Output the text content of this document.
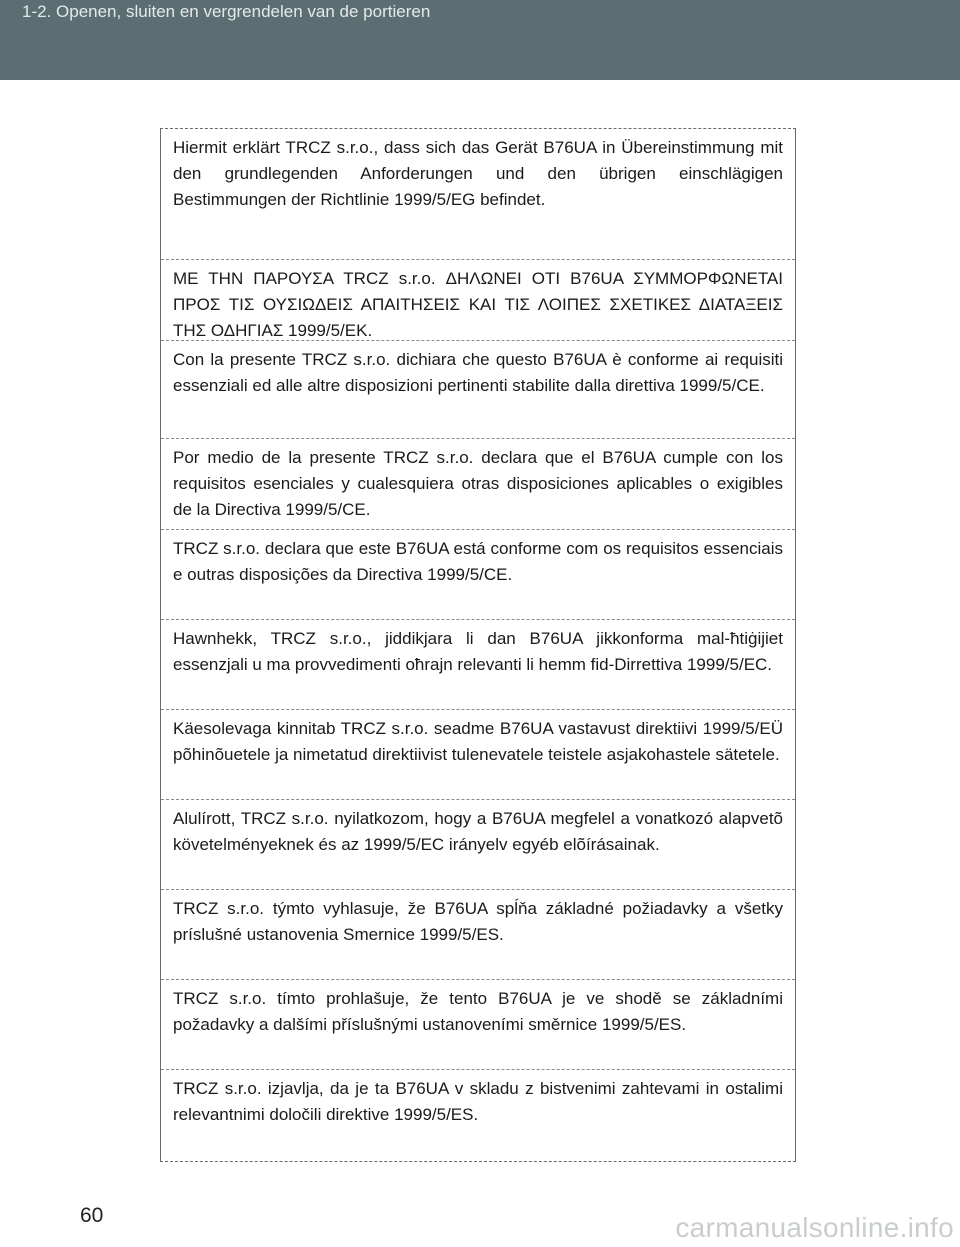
1-2. Openen, sluiten en vergrendelen van de portieren
Hiermit erklärt TRCZ s.r.o., dass sich das Gerät B76UA in Übereinstimmung mit den grundlegenden Anforderungen und den übrigen einschlägigen Bestimmungen der Richtlinie 1999/5/EG befindet.
ΜΕ ΤΗΝ ΠΑΡΟΥΣΑ TRCZ s.r.o. ΔΗΛΩΝΕΙ ΟΤΙ B76UA ΣΥΜΜΟΡΦΩΝΕΤΑΙ ΠΡΟΣ ΤΙΣ ΟΥΣΙΩΔΕΙΣ ΑΠΑΙΤΗΣΕΙΣ ΚΑΙ ΤΙΣ ΛΟΙΠΕΣ ΣΧΕΤΙΚΕΣ ΔΙΑΤΑΞΕΙΣ ΤΗΣ ΟΔΗΓΙΑΣ 1999/5/ΕΚ.
Con la presente TRCZ s.r.o. dichiara che questo B76UA è conforme ai requisiti essenziali ed alle altre disposizioni pertinenti stabilite dalla direttiva 1999/5/CE.
Por medio de la presente TRCZ s.r.o. declara que el B76UA cumple con los requisitos esenciales y cualesquiera otras disposiciones aplicables o exigibles de la Directiva 1999/5/CE.
TRCZ s.r.o. declara que este B76UA está conforme com os requisitos essenciais e outras disposições da Directiva 1999/5/CE.
Hawnhekk, TRCZ s.r.o., jiddikjara li dan B76UA jikkonforma mal-ħtiġijiet essenzjali u ma provvedimenti oħrajn relevanti li hemm fid-Dirrettiva 1999/5/EC.
Käesolevaga kinnitab TRCZ s.r.o. seadme B76UA vastavust direktiivi 1999/5/EÜ põhinõuetele ja nimetatud direktiivist tulenevatele teistele asjakohastele sätetele.
Alulírott, TRCZ s.r.o. nyilatkozom, hogy a B76UA megfelel a vonatkozó alapvetõ követelményeknek és az 1999/5/EC irányelv egyéb elõírásainak.
TRCZ s.r.o. týmto vyhlasuje, že B76UA spĺňa základné požiadavky a všetky príslušné ustanovenia Smernice 1999/5/ES.
TRCZ s.r.o. tímto prohlašuje, že tento B76UA je ve shodě se základními požadavky a dalšími příslušnými ustanoveními směrnice 1999/5/ES.
TRCZ s.r.o. izjavlja, da je ta B76UA v skladu z bistvenimi zahtevami in ostalimi relevantnimi določili direktive 1999/5/ES.
60	carmanualsonline.info
